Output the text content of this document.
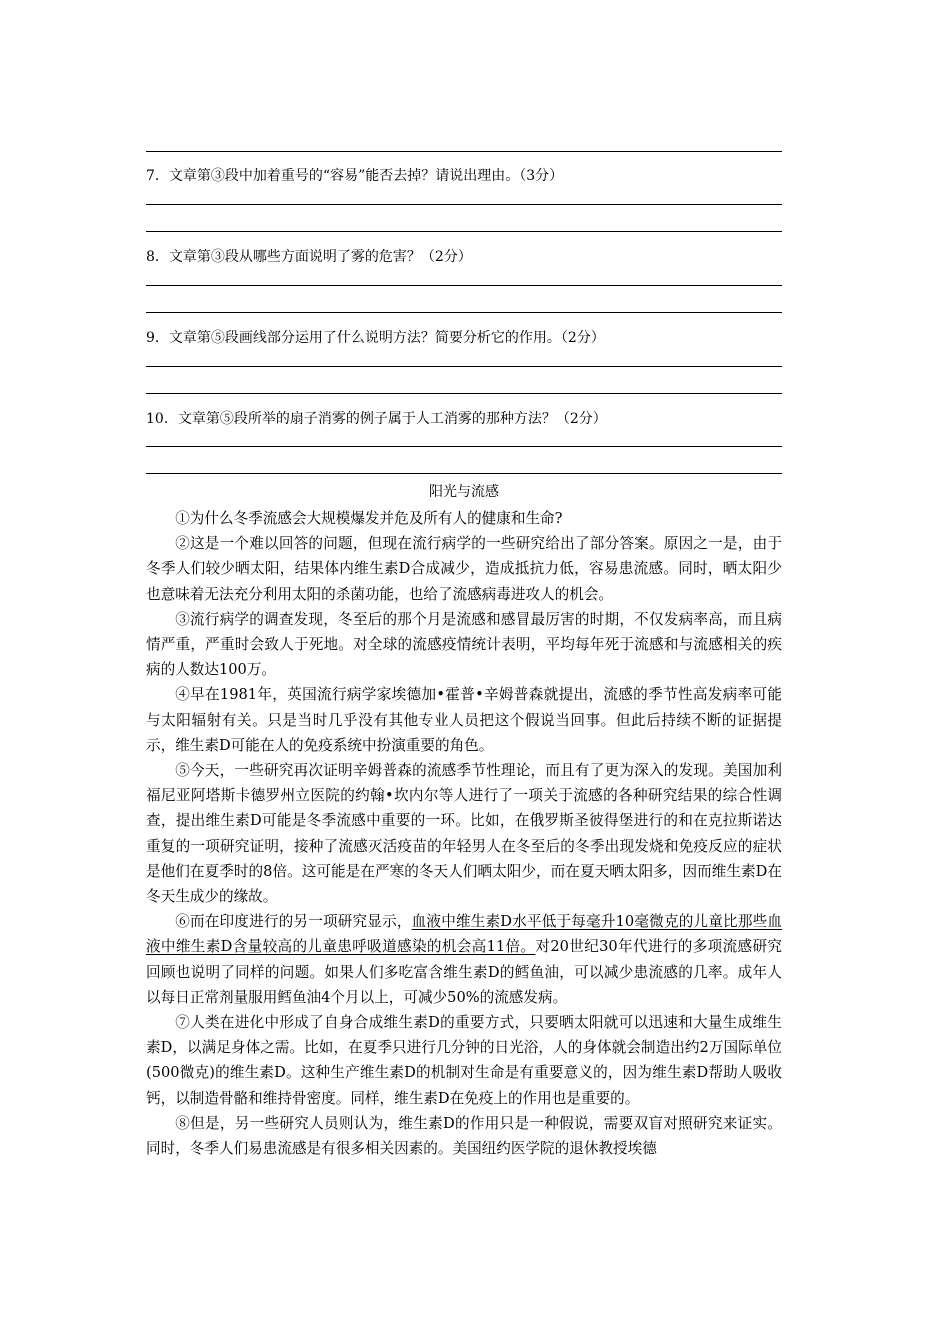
7．文章第③段中加着重号的“容易”能否去掉？请说出理由。（3分）
8．文章第③段从哪些方面说明了雾的危害？（2分）
9．文章第⑤段画线部分运用了什么说明方法？简要分析它的作用。（2分）
10．文章第⑤段所举的扇子消雾的例子属于人工消雾的那种方法？（2分）
阳光与流感

①为什么冬季流感会大规模爆发并危及所有人的健康和生命?

②这是一个难以回答的问题，但现在流行病学的一些研究给出了部分答案。原因之一是，由于冬季人们较少晒太阳，结果体内维生素D合成减少，造成抵抗力低，容易患流感。同时，晒太阳少也意味着无法充分利用太阳的杀菌功能，也给了流感病毒进攻人的机会。

③流行病学的调查发现，冬至后的那个月是流感和感冒最厉害的时期，不仅发病率高，而且病情严重，严重时会致人于死地。对全球的流感疫情统计表明，平均每年死于流感和与流感相关的疾病的人数达100万。

④早在1981年，英国流行病学家埃德加•霍普•辛姆普森就提出，流感的季节性高发病率可能与太阳辐射有关。只是当时几乎没有其他专业人员把这个假说当回事。但此后持续不断的证据提示，维生素D可能在人的免疫系统中扮演重要的角色。

⑤今天，一些研究再次证明辛姆普森的流感季节性理论，而且有了更为深入的发现。美国加利福尼亚阿塔斯卡德罗州立医院的约翰•坎内尔等人进行了一项关于流感的各种研究结果的综合性调查，提出维生素D可能是冬季流感中重要的一环。比如，在俄罗斯圣彼得堡进行的和在克拉斯诺达重复的一项研究证明，接种了流感灭活疫苗的年轻男人在冬至后的冬季出现发烧和免疫反应的症状是他们在夏季时的8倍。这可能是在严寒的冬天人们晒太阳少，而在夏天晒太阳多，因而维生素D在冬天生成少的缘故。

⑥而在印度进行的另一项研究显示，血液中维生素D水平低于每毫升10毫微克的儿童比那些血液中维生素D含量较高的儿童患呼吸道感染的机会高11倍。对20世纪30年代进行的多项流感研究回顾也说明了同样的问题。如果人们多吃富含维生素D的鳕鱼油，可以减少患流感的几率。成年人以每日正常剂量服用鳕鱼油4个月以上，可减少50%的流感发病。

⑦人类在进化中形成了自身合成维生素D的重要方式，只要晒太阳就可以迅速和大量生成维生素D，以满足身体之需。比如，在夏季只进行几分钟的日光浴，人的身体就会制造出约2万国际单位(500微克)的维生素D。这种生产维生素D的机制对生命是有重要意义的，因为维生素D帮助人吸收钙，以制造骨骼和维持骨密度。同样，维生素D在免疫上的作用也是重要的。

⑧但是，另一些研究人员则认为，维生素D的作用只是一种假说，需要双盲对照研究来证实。同时，冬季人们易患流感是有很多相关因素的。美国纽约医学院的退休教授埃德
